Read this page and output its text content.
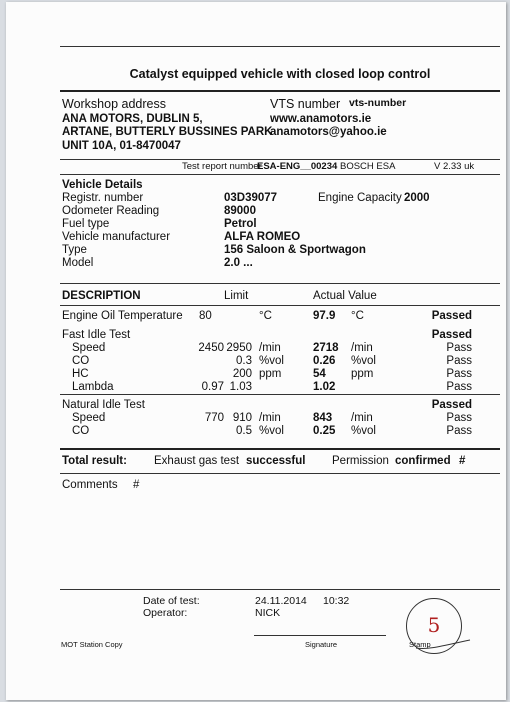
Catalyst equipped vehicle with closed loop control
Workshop address	VTS number vts-number
ANA MOTORS, DUBLIN 5,	www.anamotors.ie
ARTANE, BUTTERLY BUSSINES PARK
anamotors@yahoo.ie
UNIT 10A, 01-8470047
Test report number
ESA-ENG__00234 BOSCH ESA	V 2.33 uk
Vehicle Details
Registr. number	03D39077	Engine Capacity 2000
Odometer Reading	89000
Fuel type	Petrol
Vehicle manufacturer	ALFA ROMEO
Type	156 Saloon & Sportwagon
Model	2.0 ...
DESCRIPTION	Limit	Actual Value
Engine Oil Temperature 80	°C	97.9 °C	Passed
Fast Idle Test	Passed
Speed	2450 2950 /min	2718 /min	Pass
CO	0.3 %vol	0.26 %vol	Pass
HC	200 ppm	54 ppm	Pass
Lambda	0.97 1.03	1.02	Pass
Natural Idle Test	Passed
Speed	770 910 /min	843 /min	Pass
CO	0.5 %vol	0.25 %vol	Pass
Total result: Exhaust gas test successful Permission confirmed #
Comments #
Date of test:	24.11.2014 10:32
Operator:	NICK
MOT Station Copy	Signature	Stamp
5
